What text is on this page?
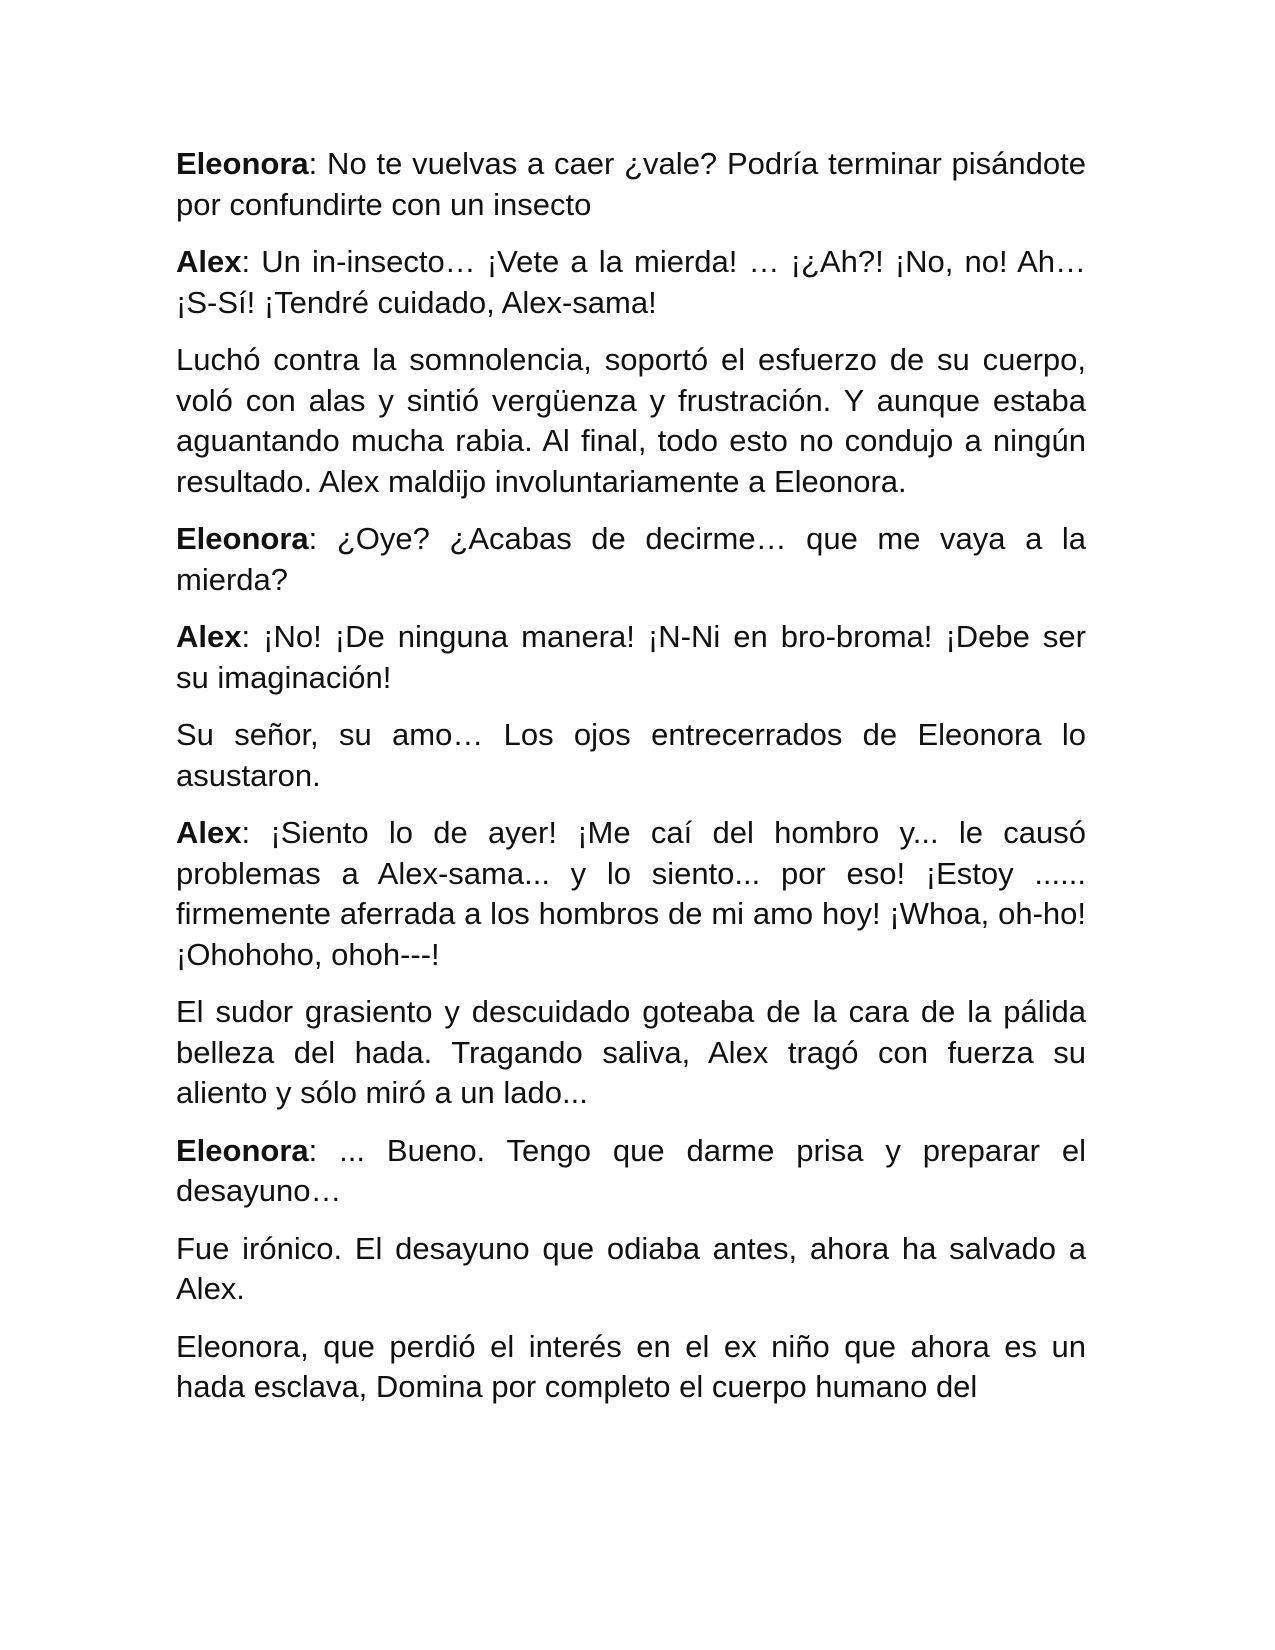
Eleonora: No te vuelvas a caer ¿vale? Podría terminar pisándote por confundirte con un insecto

Alex: Un in-insecto… ¡Vete a la mierda! … ¡¿Ah?! ¡No, no! Ah… ¡S-Sí! ¡Tendré cuidado, Alex-sama!

Luchó contra la somnolencia, soportó el esfuerzo de su cuerpo, voló con alas y sintió vergüenza y frustración. Y aunque estaba aguantando mucha rabia. Al final, todo esto no condujo a ningún resultado. Alex maldijo involuntariamente a Eleonora.

Eleonora: ¿Oye? ¿Acabas de decirme… que me vaya a la mierda?

Alex: ¡No! ¡De ninguna manera! ¡N-Ni en bro-broma! ¡Debe ser su imaginación!

Su señor, su amo… Los ojos entrecerrados de Eleonora lo asustaron.

Alex: ¡Siento lo de ayer! ¡Me caí del hombro y... le causó problemas a Alex-sama... y lo siento... por eso! ¡Estoy ...... firmemente aferrada a los hombros de mi amo hoy! ¡Whoa, oh-ho! ¡Ohohoho, ohoh---!

El sudor grasiento y descuidado goteaba de la cara de la pálida belleza del hada. Tragando saliva, Alex tragó con fuerza su aliento y sólo miró a un lado...

Eleonora: ... Bueno. Tengo que darme prisa y preparar el desayuno…

Fue irónico. El desayuno que odiaba antes, ahora ha salvado a Alex.

Eleonora, que perdió el interés en el ex niño que ahora es un hada esclava, Domina por completo el cuerpo humano del
